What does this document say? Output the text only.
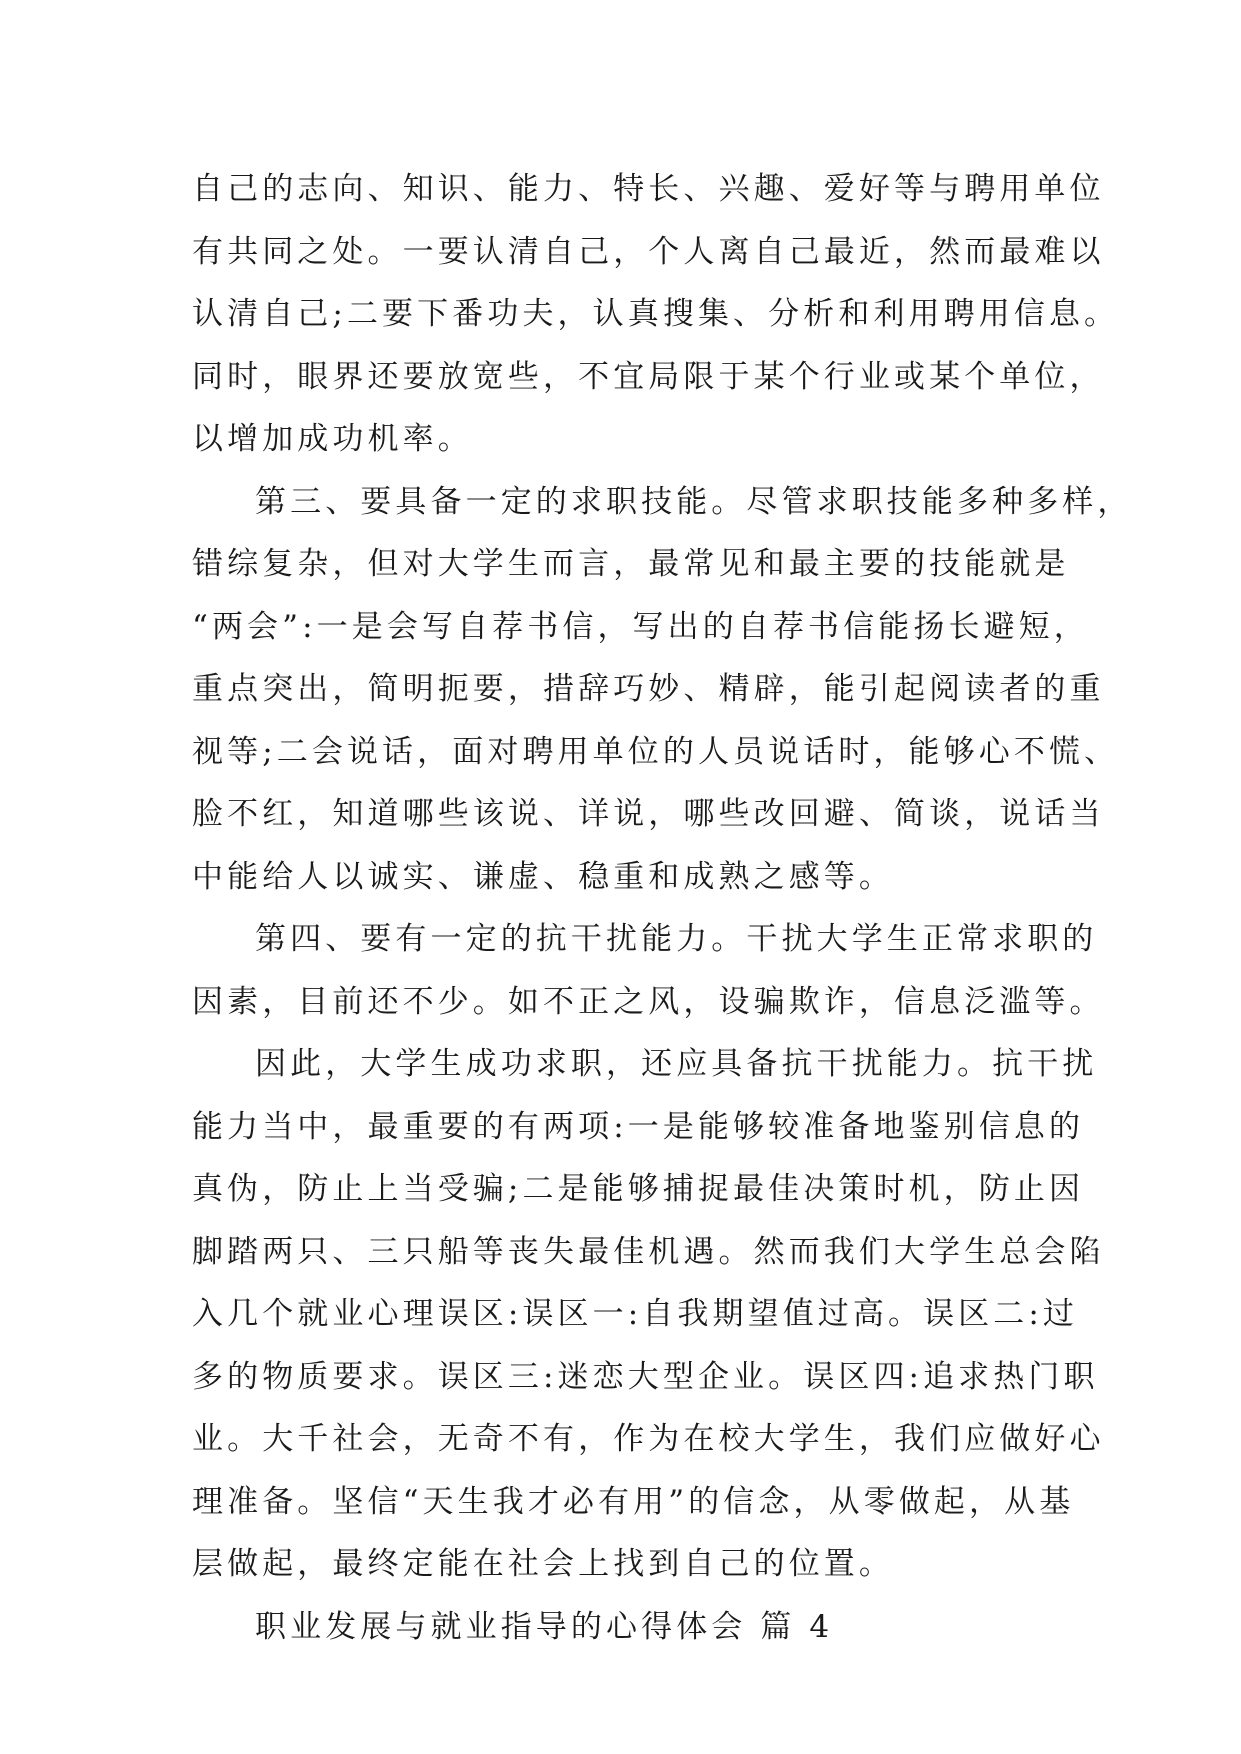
自己的志向、知识、能力、特长、兴趣、爱好等与聘用单位
有共同之处。一要认清自己，个人离自己最近，然而最难以
认清自己;二要下番功夫，认真搜集、分析和利用聘用信息。
同时，眼界还要放宽些，不宜局限于某个行业或某个单位，
以增加成功机率。
第三、要具备一定的求职技能。尽管求职技能多种多样，
错综复杂，但对大学生而言，最常见和最主要的技能就是
“两会”:一是会写自荐书信，写出的自荐书信能扬长避短，
重点突出，简明扼要，措辞巧妙、精辟，能引起阅读者的重
视等;二会说话，面对聘用单位的人员说话时，能够心不慌、
脸不红，知道哪些该说、详说，哪些改回避、简谈，说话当
中能给人以诚实、谦虚、稳重和成熟之感等。
第四、要有一定的抗干扰能力。干扰大学生正常求职的
因素，目前还不少。如不正之风，设骗欺诈，信息泛滥等。
因此，大学生成功求职，还应具备抗干扰能力。抗干扰
能力当中，最重要的有两项:一是能够较准备地鉴别信息的
真伪，防止上当受骗;二是能够捕捉最佳决策时机，防止因
脚踏两只、三只船等丧失最佳机遇。然而我们大学生总会陷
入几个就业心理误区:误区一:自我期望值过高。误区二:过
多的物质要求。误区三:迷恋大型企业。误区四:追求热门职
业。大千社会，无奇不有，作为在校大学生，我们应做好心
理准备。坚信“天生我才必有用”的信念，从零做起，从基
层做起，最终定能在社会上找到自己的位置。
职业发展与就业指导的心得体会 篇 4
